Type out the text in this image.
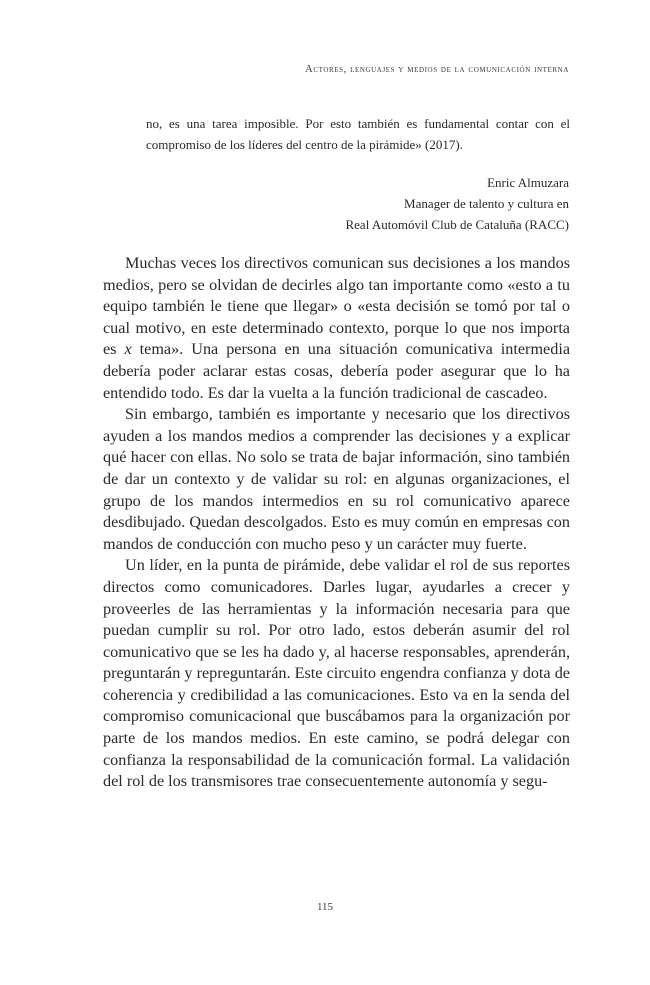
Actores, lenguajes y medios de la comunicación interna

no, es una tarea imposible. Por esto también es fundamental contar con el compromiso de los líderes del centro de la pirámide» (2017).

Enric Almuzara
Manager de talento y cultura en
Real Automóvil Club de Cataluña (RACC)

Muchas veces los directivos comunican sus decisiones a los mandos medios, pero se olvidan de decirles algo tan importante como «esto a tu equipo también le tiene que llegar» o «esta decisión se tomó por tal o cual motivo, en este determinado contexto, porque lo que nos importa es x tema». Una persona en una situación comunicativa intermedia debería poder aclarar estas cosas, debería poder asegurar que lo ha entendido todo. Es dar la vuelta a la función tradicional de cascadeo.

Sin embargo, también es importante y necesario que los directivos ayuden a los mandos medios a comprender las decisiones y a explicar qué hacer con ellas. No solo se trata de bajar información, sino también de dar un contexto y de validar su rol: en algunas organizaciones, el grupo de los mandos intermedios en su rol comunicativo aparece desdibujado. Quedan descolgados. Esto es muy común en empresas con mandos de conducción con mucho peso y un carácter muy fuerte.

Un líder, en la punta de pirámide, debe validar el rol de sus reportes directos como comunicadores. Darles lugar, ayudarles a crecer y proveerles de las herramientas y la información necesaria para que puedan cumplir su rol. Por otro lado, estos deberán asumir del rol comunicativo que se les ha dado y, al hacerse responsables, aprenderán, preguntarán y repreguntarán. Este circuito engendra confianza y dota de coherencia y credibilidad a las comunicaciones. Esto va en la senda del compromiso comunicacional que buscábamos para la organización por parte de los mandos medios. En este camino, se podrá delegar con confianza la responsabilidad de la comunicación formal. La validación del rol de los transmisores trae consecuentemente autonomía y segu-

115
